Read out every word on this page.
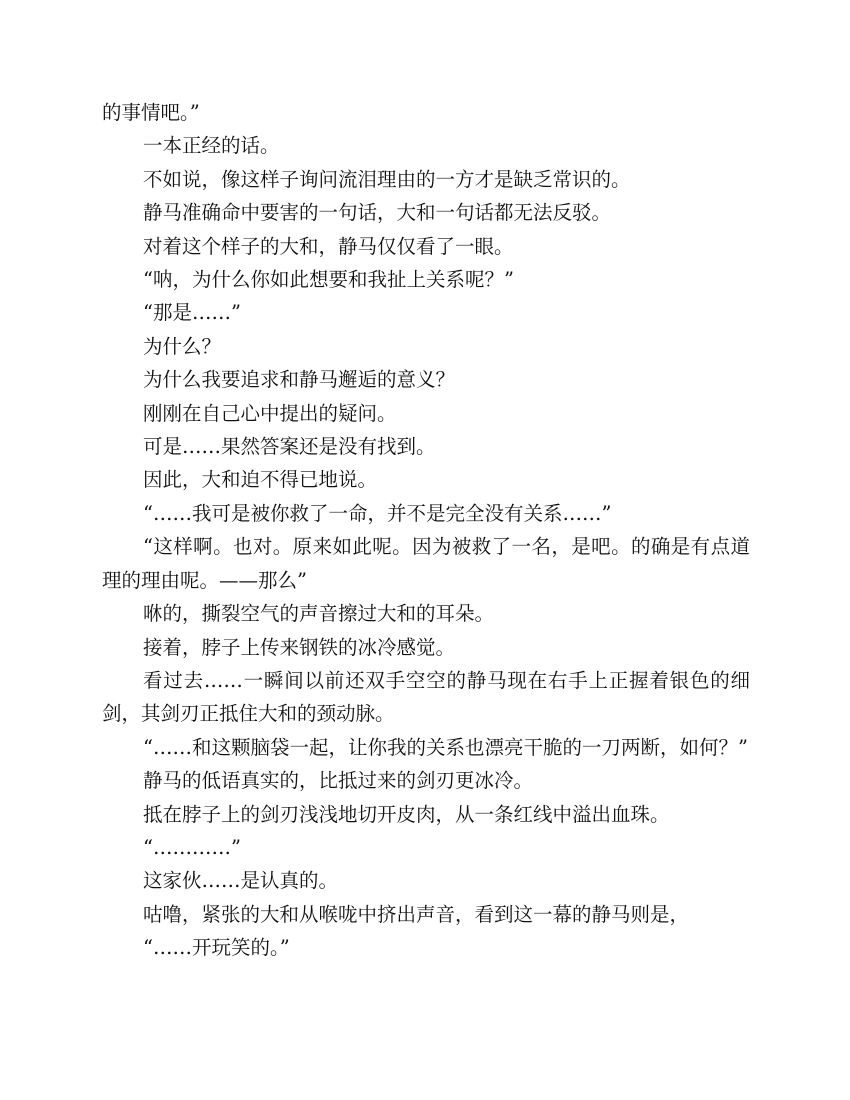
的事情吧。”

一本正经的话。

不如说，像这样子询问流泪理由的一方才是缺乏常识的。

静马准确命中要害的一句话，大和一句话都无法反驳。

对着这个样子的大和，静马仅仅看了一眼。

“呐，为什么你如此想要和我扯上关系呢？”

“那是……”

为什么？

为什么我要追求和静马邂逅的意义？

刚刚在自己心中提出的疑问。

可是……果然答案还是没有找到。

因此，大和迫不得已地说。

“……我可是被你救了一命，并不是完全没有关系……”

“这样啊。也对。原来如此呢。因为被救了一名，是吧。的确是有点道理的理由呢。——那么”

咻的，撕裂空气的声音擦过大和的耳朵。

接着，脖子上传来钢铁的冰冷感觉。

看过去……一瞬间以前还双手空空的静马现在右手上正握着银色的细剑，其剑刃正抵住大和的颈动脉。

“……和这颗脑袋一起，让你我的关系也漂亮干脆的一刀两断，如何？”

静马的低语真实的，比抵过来的剑刃更冰冷。

抵在脖子上的剑刃浅浅地切开皮肉，从一条红线中溢出血珠。

“…………”

这家伙……是认真的。

咕噜，紧张的大和从喉咙中挤出声音，看到这一幕的静马则是，

“……开玩笑的。”
